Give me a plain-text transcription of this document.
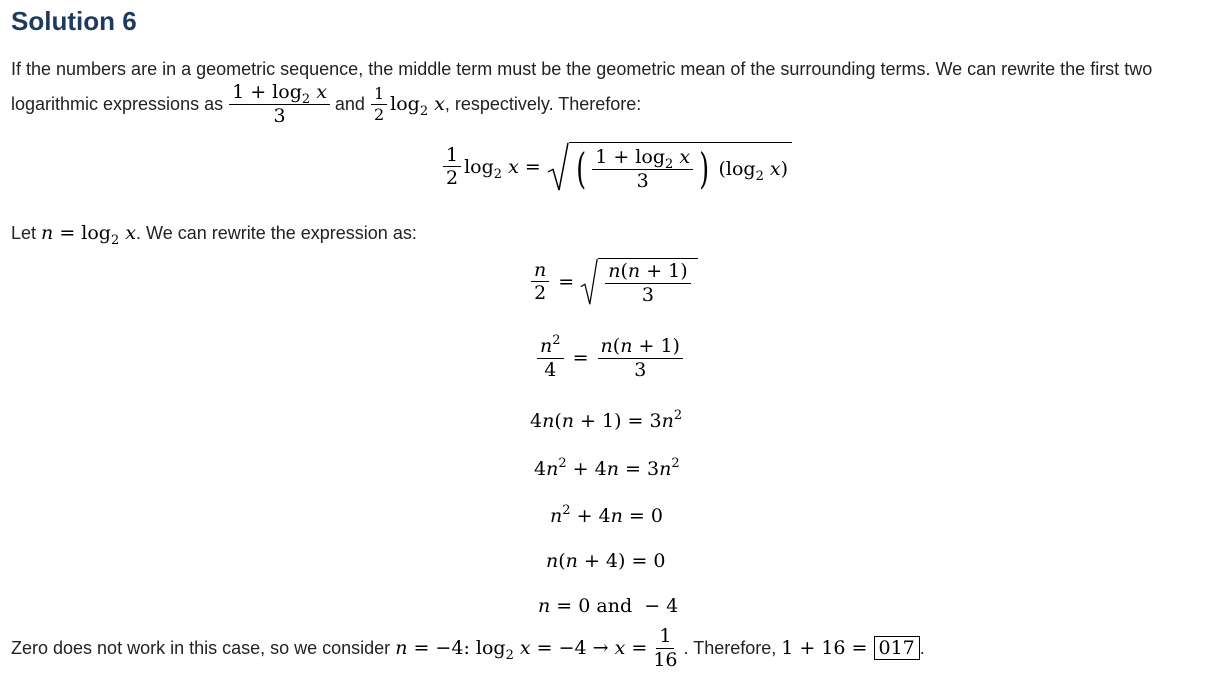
Solution 6
If the numbers are in a geometric sequence, the middle term must be the geometric mean of the surrounding terms. We can rewrite the first two
logarithmic expressions as $\frac{1 + \log_2 x}{3}$ and $\frac{1}{2} \log_2 x$ , respectively. Therefore:
$\frac{1}{2} \log_2 x$ = ( $\frac{1 + \log_2 x}{3}$ ) ($\log_2$ x)
Let $n = \log_2 x$. We can rewrite the expression as:
$\frac{n}{2} = \frac{n(n + 1)}{3}$
$\frac{n^2}{4} = \frac{n(n + 1)}{3}$
$4n(n + 1) = 3n^2$
$4n^2 + 4n = 3n^2$
$n^2 + 4n = 0$
n(n + 4) = 0
n = 0 and  − 4
Zero does not work in this case, so we consider n = −4: $\log_2 x = -4 \to x = \frac{1}{16}$ . Therefore, 1 + 16 = 017 .
